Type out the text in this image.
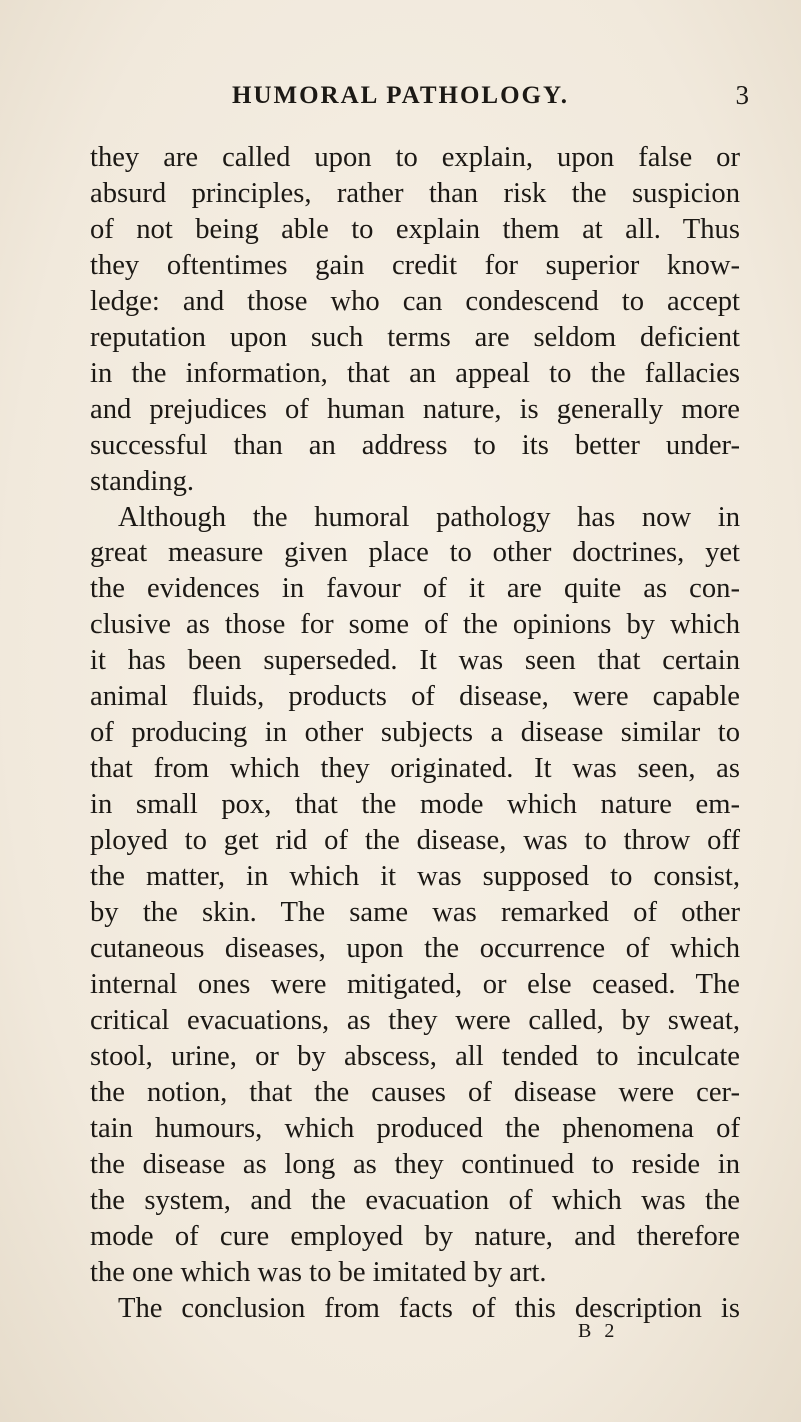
HUMORAL PATHOLOGY.	3
they are called upon to explain, upon false or
absurd principles, rather than risk the suspicion
of not being able to explain them at all. Thus
they oftentimes gain credit for superior know-
ledge: and those who can condescend to accept
reputation upon such terms are seldom deficient
in the information, that an appeal to the fallacies
and prejudices of human nature, is generally more
successful than an address to its better under-
standing.
Although the humoral pathology has now in
great measure given place to other doctrines, yet
the evidences in favour of it are quite as con-
clusive as those for some of the opinions by which
it has been superseded. It was seen that certain
animal fluids, products of disease, were capable
of producing in other subjects a disease similar to
that from which they originated. It was seen, as
in small pox, that the mode which nature em-
ployed to get rid of the disease, was to throw off
the matter, in which it was supposed to consist,
by the skin. The same was remarked of other
cutaneous diseases, upon the occurrence of which
internal ones were mitigated, or else ceased. The
critical evacuations, as they were called, by sweat,
stool, urine, or by abscess, all tended to inculcate
the notion, that the causes of disease were cer-
tain humours, which produced the phenomena of
the disease as long as they continued to reside in
the system, and the evacuation of which was the
mode of cure employed by nature, and therefore
the one which was to be imitated by art.
The conclusion from facts of this description is
B 2
